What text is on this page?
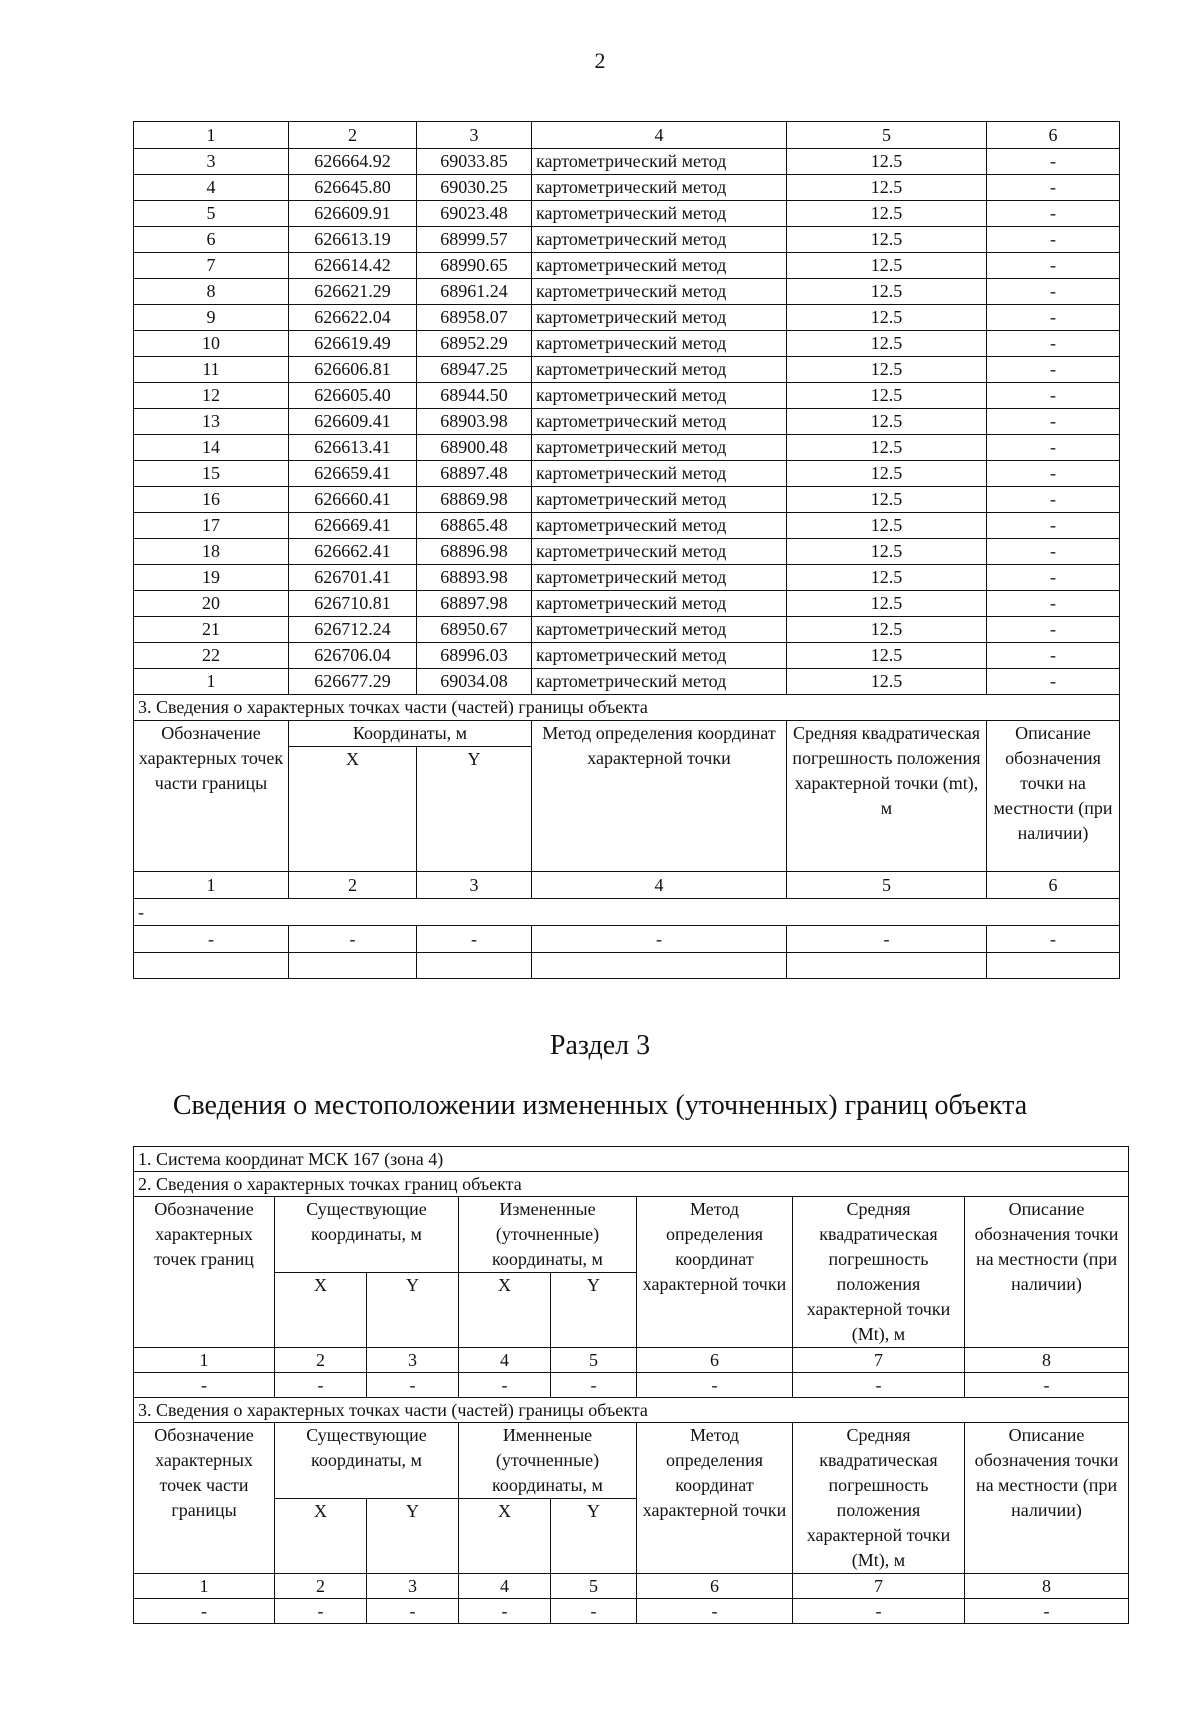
2
1	2	3	4	5	6
3	626664.92	69033.85	картометрический метод	12.5	-
4	626645.80	69030.25	картометрический метод	12.5	-
5	626609.91	69023.48	картометрический метод	12.5	-
6	626613.19	68999.57	картометрический метод	12.5	-
7	626614.42	68990.65	картометрический метод	12.5	-
8	626621.29	68961.24	картометрический метод	12.5	-
9	626622.04	68958.07	картометрический метод	12.5	-
10	626619.49	68952.29	картометрический метод	12.5	-
11	626606.81	68947.25	картометрический метод	12.5	-
12	626605.40	68944.50	картометрический метод	12.5	-
13	626609.41	68903.98	картометрический метод	12.5	-
14	626613.41	68900.48	картометрический метод	12.5	-
15	626659.41	68897.48	картометрический метод	12.5	-
16	626660.41	68869.98	картометрический метод	12.5	-
17	626669.41	68865.48	картометрический метод	12.5	-
18	626662.41	68896.98	картометрический метод	12.5	-
19	626701.41	68893.98	картометрический метод	12.5	-
20	626710.81	68897.98	картометрический метод	12.5	-
21	626712.24	68950.67	картометрический метод	12.5	-
22	626706.04	68996.03	картометрический метод	12.5	-
1	626677.29	69034.08	картометрический метод	12.5	-
3. Сведения о характерных точках части (частей) границы объекта					
Обозначение характерных точек части границы	Координаты, м		Метод определения координат характерной точки	Средняя квадратическая погрешность положения характерной точки (mt), м	Описание обозначения точки на местности (при наличии)
	X	Y			
1	2	3	4	5	6
-					
-	-	-	-	-	-

Раздел 3
Сведения о местоположении измененных (уточненных) границ объекта
1. Система координат МСК 167 (зона 4)							
2. Сведения о характерных точках границ объекта							
Обозначение характерных точек границ	Существующие координаты, м		Измененные (уточненные) координаты, м		Метод определения координат характерной точки	Средняя квадратическая погрешность положения характерной точки (Mt), м	Описание обозначения точки на местности (при наличии)
	X	Y	X	Y			
1	2	3	4	5	6	7	8
-	-	-	-	-	-	-	-
3. Сведения о характерных точках части (частей) границы объекта							
Обозначение характерных точек части границы	Существующие координаты, м		Именненые (уточненные) координаты, м		Метод определения координат характерной точки	Средняя квадратическая погрешность положения характерной точки (Mt), м	Описание обозначения точки на местности (при наличии)
	X	Y	X	Y			
1	2	3	4	5	6	7	8
-	-	-	-	-	-	-	-
